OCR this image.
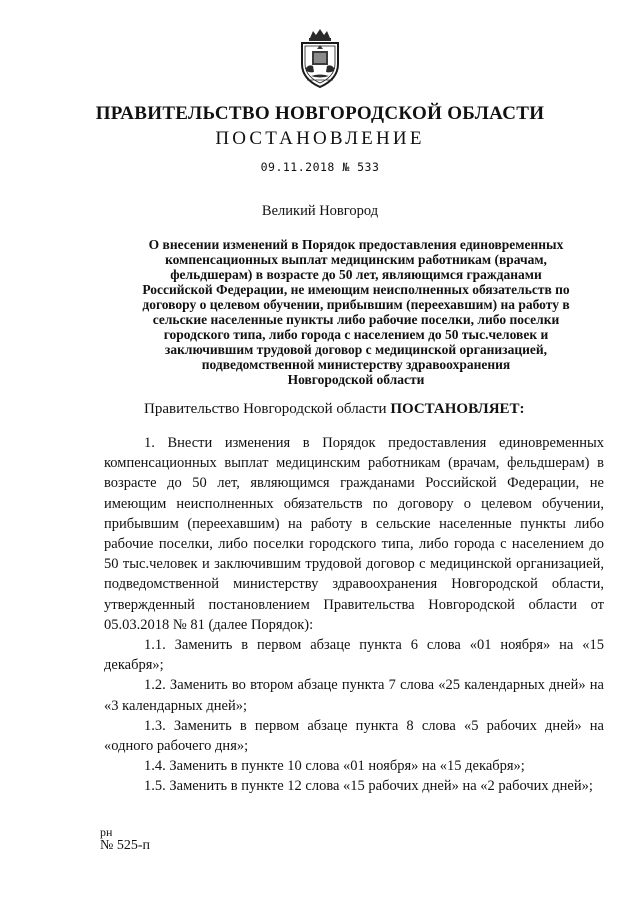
ПРАВИТЕЛЬСТВО НОВГОРОДСКОЙ ОБЛАСТИ
ПОСТАНОВЛЕНИЕ
09.11.2018 № 533
Великий Новгород
О внесении изменений в Порядок предоставления единовременных
компенсационных выплат медицинским работникам (врачам,
фельдшерам) в возрасте до 50 лет, являющимся гражданами
Российской Федерации, не имеющим неисполненных обязательств по
договору о целевом обучении, прибывшим (переехавшим) на работу в
сельские населенные пункты либо рабочие поселки, либо поселки
городского типа, либо города с населением до 50 тыс.человек и
заключившим трудовой договор с медицинской организацией,
подведомственной министерству здравоохранения
Новгородской области
Правительство Новгородской области ПОСТАНОВЛЯЕТ:

1. Внести изменения в Порядок предоставления единовременных компенсационных выплат медицинским работникам (врачам, фельдшерам) в возрасте до 50 лет, являющимся гражданами Российской Федерации, не имеющим неисполненных обязательств по договору о целевом обучении, прибывшим (переехавшим) на работу в сельские населенные пункты либо рабочие поселки, либо поселки городского типа, либо города с населением до 50 тыс.человек и заключившим трудовой договор с медицинской организацией, подведомственной министерству здравоохранения Новгородской области, утвержденный постановлением Правительства Новгородской области от 05.03.2018 № 81 (далее Порядок):

1.1. Заменить в первом абзаце пункта 6 слова «01 ноября» на «15 декабря»;

1.2. Заменить во втором абзаце пункта 7 слова «25 календарных дней» на «3 календарных дней»;

1.3. Заменить в первом абзаце пункта 8 слова «5 рабочих дней» на «одного рабочего дня»;

1.4. Заменить в пункте 10 слова «01 ноября» на «15 декабря»;

1.5. Заменить в пункте 12 слова «15 рабочих дней» на «2 рабочих дней»;

рн
№ 525-п
